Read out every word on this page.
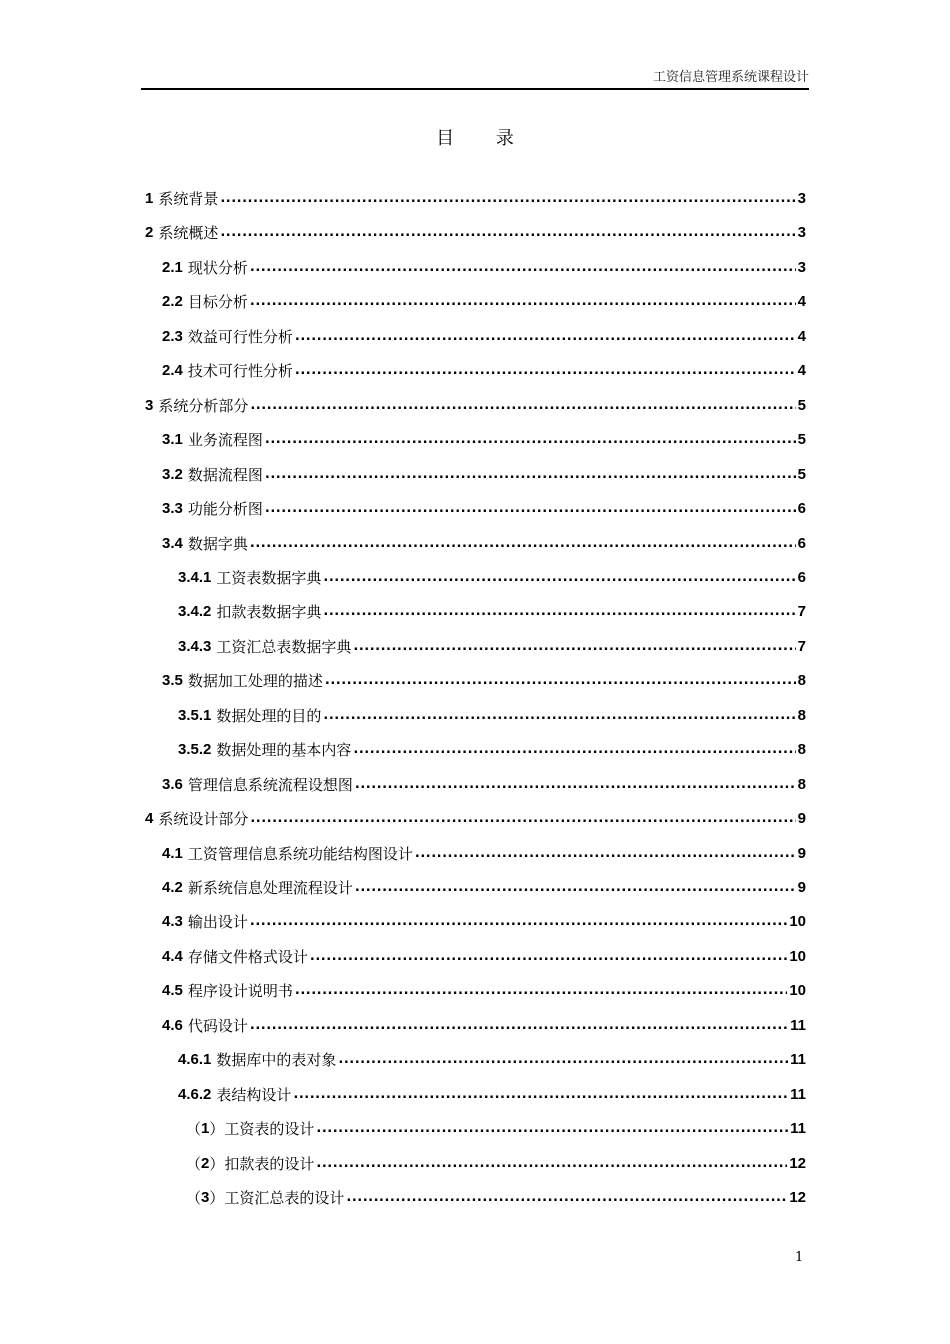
工资信息管理系统课程设计
目 录
1 系统背景 .....	3
2 系统概述 .....	3
2.1 现状分析 .....	3
2.2 目标分析 .....	4
2.3 效益可行性分析 .....	4
2.4 技术可行性分析 .....	4
3 系统分析部分 .....	5
3.1 业务流程图 .....	5
3.2 数据流程图 .....	5
3.3 功能分析图 .....	6
3.4 数据字典 .....	6
3.4.1 工资表数据字典 .....	6
3.4.2 扣款表数据字典 .....	7
3.4.3 工资汇总表数据字典 .....	7
3.5 数据加工处理的描述 .....	8
3.5.1 数据处理的目的 .....	8
3.5.2 数据处理的基本内容 .....	8
3.6 管理信息系统流程设想图 .....	8
4 系统设计部分 .....	9
4.1 工资管理信息系统功能结构图设计 .....	9
4.2 新系统信息处理流程设计 .....	9
4.3 输出设计 .....	10
4.4 存储文件格式设计 .....	10
4.5 程序设计说明书 .....	10
4.6 代码设计 .....	11
4.6.1 数据库中的表对象 .....	11
4.6.2 表结构设计 .....	11
（ 1 ） 工资表的设计 .....	11
（ 2 ） 扣款表的设计 .....	12
（ 3 ） 工资汇总表的设计 .....	12
1
